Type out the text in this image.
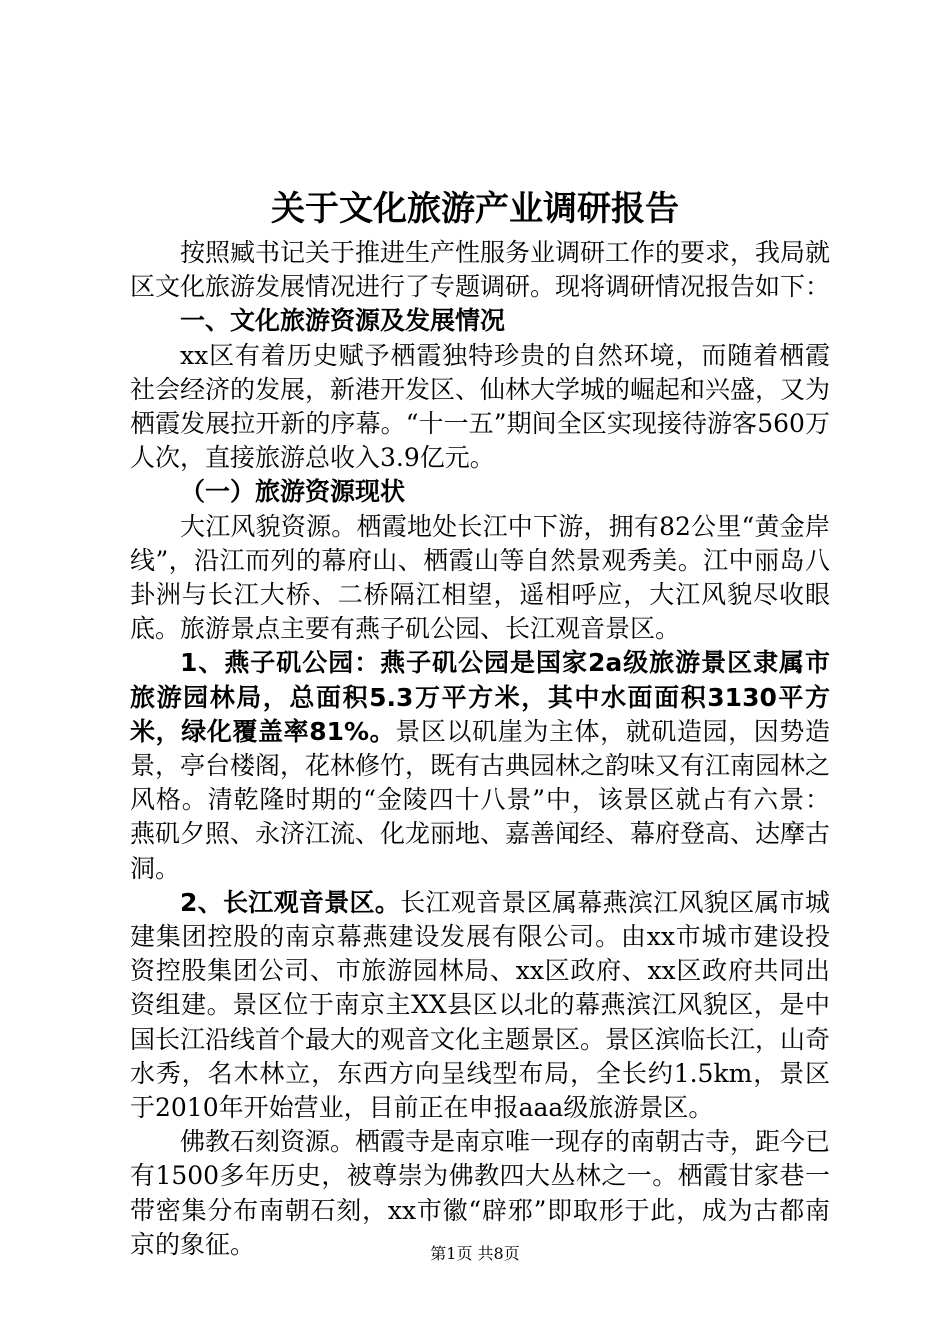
关于文化旅游产业调研报告

按照臧书记关于推进生产性服务业调研工作的要求，我局就区文化旅游发展情况进行了专题调研。现将调研情况报告如下：

一、文化旅游资源及发展情况

xx区有着历史赋予栖霞独特珍贵的自然环境，而随着栖霞社会经济的发展，新港开发区、仙林大学城的崛起和兴盛，又为栖霞发展拉开新的序幕。“十一五”期间全区实现接待游客560万人次，直接旅游总收入3.9亿元。

（一）旅游资源现状

大江风貌资源。栖霞地处长江中下游，拥有82公里“黄金岸线”，沿江而列的幕府山、栖霞山等自然景观秀美。江中丽岛八卦洲与长江大桥、二桥隔江相望，遥相呼应，大江风貌尽收眼底。旅游景点主要有燕子矶公园、长江观音景区。

1、燕子矶公园：燕子矶公园是国家2a级旅游景区隶属市旅游园林局，总面积5.3万平方米，其中水面面积3130平方米，绿化覆盖率81%。景区以矶崖为主体，就矶造园，因势造景，亭台楼阁，花林修竹，既有古典园林之韵味又有江南园林之风格。清乾隆时期的“金陵四十八景”中，该景区就占有六景：燕矶夕照、永济江流、化龙丽地、嘉善闻经、幕府登高、达摩古洞。

2、长江观音景区。长江观音景区属幕燕滨江风貌区属市城建集团控股的南京幕燕建设发展有限公司。由xx市城市建设投资控股集团公司、市旅游园林局、xx区政府、xx区政府共同出资组建。景区位于南京主XX县区以北的幕燕滨江风貌区，是中国长江沿线首个最大的观音文化主题景区。景区滨临长江，山奇水秀，名木林立，东西方向呈线型布局，全长约1.5km，景区于2010年开始营业，目前正在申报aaa级旅游景区。

佛教石刻资源。栖霞寺是南京唯一现存的南朝古寺，距今已有1500多年历史，被尊崇为佛教四大丛林之一。栖霞甘家巷一带密集分布南朝石刻，xx市徽“辟邪”即取形于此，成为古都南京的象征。	第1页 共8页
